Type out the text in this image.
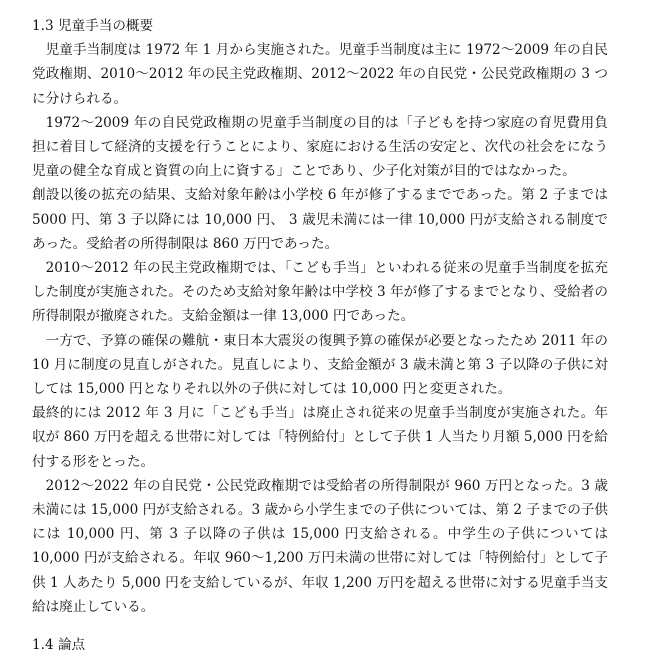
1.3 児童手当の概要

児童手当制度は 1972 年 1 月から実施された。児童手当制度は主に 1972〜2009 年の自民党政権期、2010〜2012 年の民主党政権期、2012〜2022 年の自民党・公民党政権期の 3 つに分けられる。

1972〜2009 年の自民党政権期の児童手当制度の目的は「子どもを持つ家庭の育児費用負担に着目して経済的支援を行うことにより、家庭における生活の安定と、次代の社会をになう児童の健全な育成と資質の向上に資する」ことであり、少子化対策が目的ではなかった。

創設以後の拡充の結果、支給対象年齢は小学校 6 年が修了するまでであった。第 2 子までは 5000 円、第 3 子以降には 10,000 円、 3 歳児未満には一律 10,000 円が支給される制度であった。受給者の所得制限は 860 万円であった。

2010〜2012 年の民主党政権期では、「こども手当」といわれる従来の児童手当制度を拡充した制度が実施された。そのため支給対象年齢は中学校 3 年が修了するまでとなり、受給者の所得制限が撤廃された。支給金額は一律 13,000 円であった。

一方で、予算の確保の難航・東日本大震災の復興予算の確保が必要となったため 2011 年の 10 月に制度の見直しがされた。見直しにより、支給金額が 3 歳未満と第 3 子以降の子供に対しては 15,000 円となりそれ以外の子供に対しては 10,000 円と変更された。

最終的には 2012 年 3 月に「こども手当」は廃止され従来の児童手当制度が実施された。年収が 860 万円を超える世帯に対しては「特例給付」として子供 1 人当たり月額 5,000 円を給付する形をとった。

2012〜2022 年の自民党・公民党政権期では受給者の所得制限が 960 万円となった。3 歳未満には 15,000 円が支給される。3 歳から小学生までの子供については、第 2 子までの子供には 10,000 円、第 3 子以降の子供は 15,000 円支給される。中学生の子供については 10,000 円が支給される。年収 960〜1,200 万円未満の世帯に対しては「特例給付」として子供 1 人あたり 5,000 円を支給しているが、年収 1,200 万円を超える世帯に対する児童手当支給は廃止している。

1.4 論点
